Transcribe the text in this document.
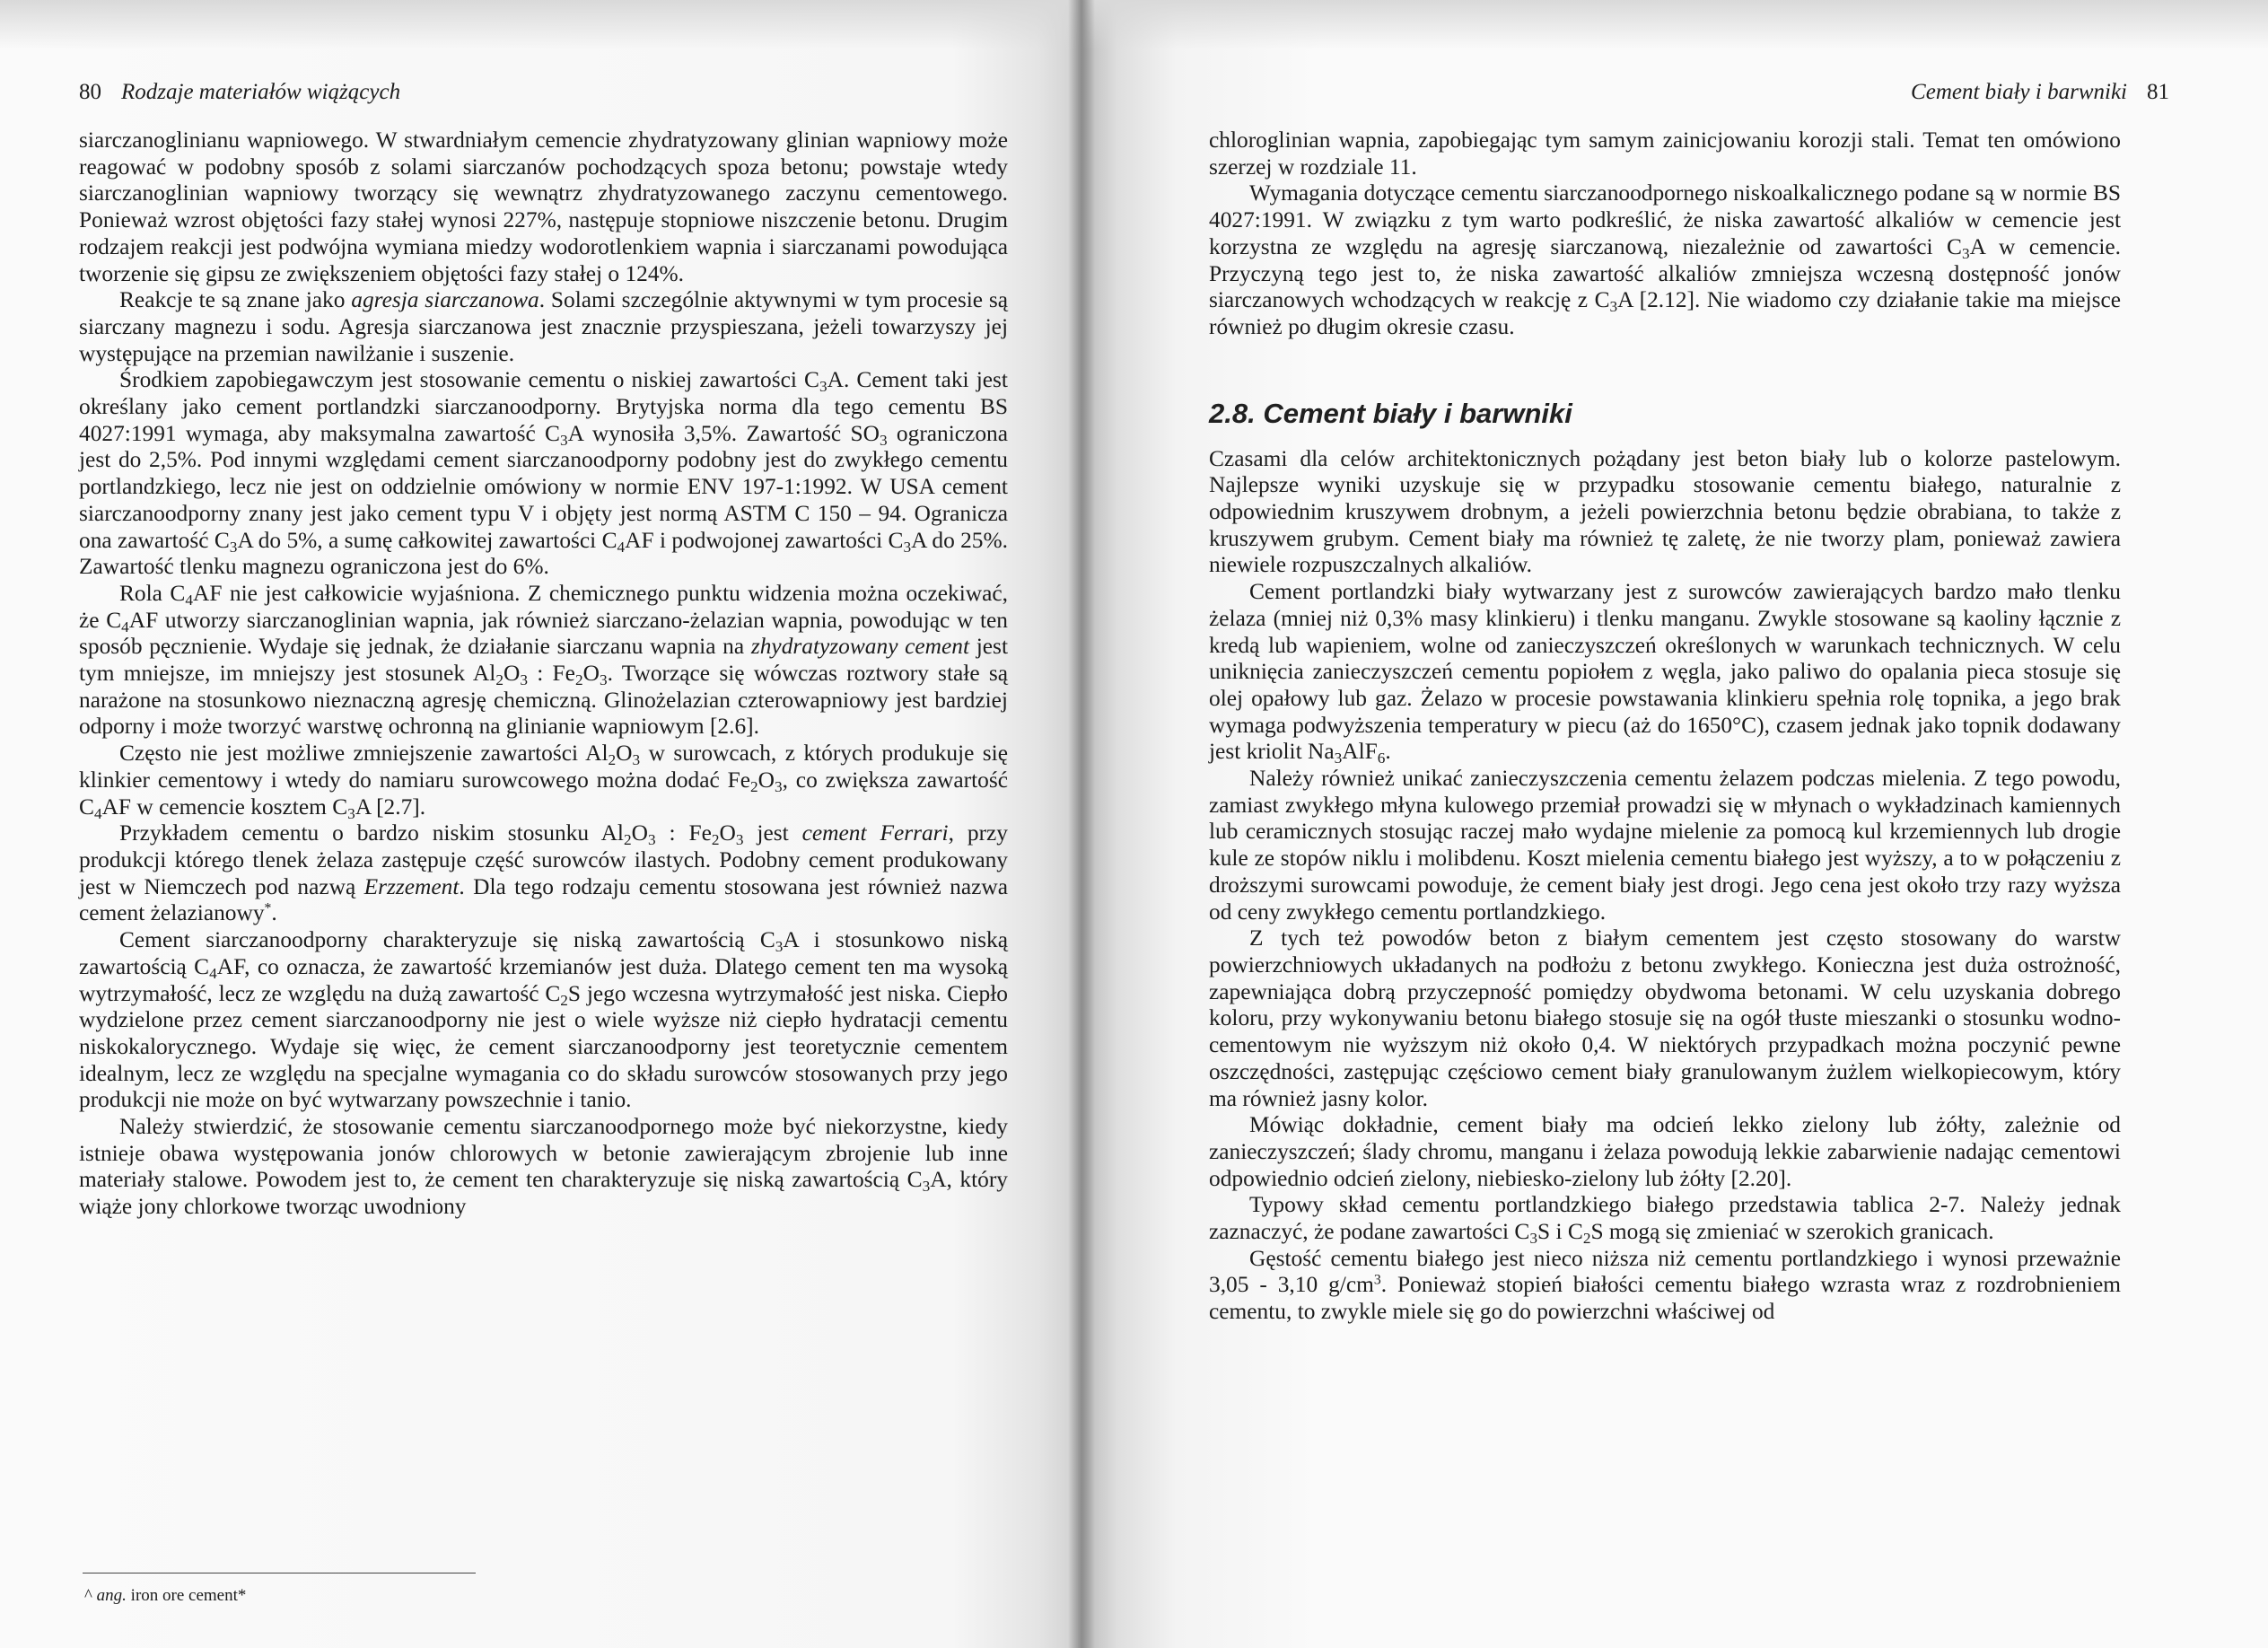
80 Rodzaje materiałów wiążących

siarczanoglinianu wapniowego. W stwardniałym cemencie zhydratyzowany glinian wapniowy może reagować w podobny sposób z solami siarczanów pochodzących spoza betonu; powstaje wtedy siarczanoglinian wapniowy tworzący się wewnątrz zhydratyzowanego zaczynu cementowego. Ponieważ wzrost objętości fazy stałej wynosi 227%, następuje stopniowe niszczenie betonu. Drugim rodzajem reakcji jest podwójna wymiana miedzy wodorotlenkiem wapnia i siarczanami powodująca tworzenie się gipsu ze zwiększeniem objętości fazy stałej o 124%.

Reakcje te są znane jako agresja siarczanowa. Solami szczególnie aktywnymi w tym procesie są siarczany magnezu i sodu. Agresja siarczanowa jest znacznie przyspieszana, jeżeli towarzyszy jej występujące na przemian nawilżanie i suszenie.

Środkiem zapobiegawczym jest stosowanie cementu o niskiej zawartości $C_3A$. Cement taki jest określany jako cement portlandzki siarczanoodporny. Brytyjska norma dla tego cementu BS 4027:1991 wymaga, aby maksymalna zawartość $C_3A$ wynosiła 3,5%. Zawartość $SO_3$ ograniczona jest do 2,5%. Pod innymi względami cement siarczanoodporny podobny jest do zwykłego cementu portlandzkiego, lecz nie jest on oddzielnie omówiony w normie ENV 197-1:1992. W USA cement siarczanoodporny znany jest jako cement typu V i objęty jest normą ASTM C 150 – 94. Ogranicza ona zawartość $C_3A$ do 5%, a sumę całkowitej zawartości $C_4AF$ i podwojonej zawartości $C_3A$ do 25%. Zawartość tlenku magnezu ograniczona jest do 6%.

Rola $C_4AF$ nie jest całkowicie wyjaśniona. Z chemicznego punktu widzenia można oczekiwać, że $C_4AF$ utworzy siarczanoglinian wapnia, jak również siarczano-żelazian wapnia, powodując w ten sposób pęcznienie. Wydaje się jednak, że działanie siarczanu wapnia na zhydratyzowany cement jest tym mniejsze, im mniejszy jest stosunek $Al_2O_3$ : $Fe_2O_3$. Tworzące się wówczas roztwory stałe są narażone na stosunkowo nieznaczną agresję chemiczną. Glinożelazian czterowapniowy jest bardziej odporny i może tworzyć warstwę ochronną na glinianie wapniowym [2.6].

Często nie jest możliwe zmniejszenie zawartości $Al_2O_3$ w surowcach, z których produkuje się klinkier cementowy i wtedy do namiaru surowcowego można dodać $Fe_2O_3$, co zwiększa zawartość $C_4AF$ w cemencie kosztem $C_3A$ [2.7].

Przykładem cementu o bardzo niskim stosunku $Al_2O_3$ : $Fe_2O_3$ jest cement Ferrari, przy produkcji którego tlenek żelaza zastępuje część surowców ilastych. Podobny cement produkowany jest w Niemczech pod nazwą Erzzement. Dla tego rodzaju cementu stosowana jest również nazwa cement żelazianowy*.

Cement siarczanoodporny charakteryzuje się niską zawartością $C_3A$ i stosunkowo niską zawartością $C_4AF$, co oznacza, że zawartość krzemianów jest duża. Dlatego cement ten ma wysoką wytrzymałość, lecz ze względu na dużą zawartość $C_2S$ jego wczesna wytrzymałość jest niska. Ciepło wydzielone przez cement siarczanoodporny nie jest o wiele wyższe niż ciepło hydratacji cementu niskokalorycznego. Wydaje się więc, że cement siarczanoodporny jest teoretycznie cementem idealnym, lecz ze względu na specjalne wymagania co do składu surowców stosowanych przy jego produkcji nie może on być wytwarzany powszechnie i tanio.

Należy stwierdzić, że stosowanie cementu siarczanoodpornego może być niekorzystne, kiedy istnieje obawa występowania jonów chlorowych w betonie zawierającym zbrojenie lub inne materiały stalowe. Powodem jest to, że cement ten charakteryzuje się niską zawartością $C_3A$, który wiąże jony chlorkowe tworząc uwodniony

^ ang. iron ore cement*
Cement biały i barwniki 81

chloroglinian wapnia, zapobiegając tym samym zainicjowaniu korozji stali. Temat ten omówiono szerzej w rozdziale 11.

Wymagania dotyczące cementu siarczanoodpornego niskoalkalicznego podane są w normie BS 4027:1991. W związku z tym warto podkreślić, że niska zawartość alkaliów w cemencie jest korzystna ze względu na agresję siarczanową, niezależnie od zawartości $C_3A$ w cemencie. Przyczyną tego jest to, że niska zawartość alkaliów zmniejsza wczesną dostępność jonów siarczanowych wchodzących w reakcję z $C_3A$ [2.12]. Nie wiadomo czy działanie takie ma miejsce również po długim okresie czasu.

2.8. Cement biały i barwniki

Czasami dla celów architektonicznych pożądany jest beton biały lub o kolorze pastelowym. Najlepsze wyniki uzyskuje się w przypadku stosowanie cementu białego, naturalnie z odpowiednim kruszywem drobnym, a jeżeli powierzchnia betonu będzie obrabiana, to także z kruszywem grubym. Cement biały ma również tę zaletę, że nie tworzy plam, ponieważ zawiera niewiele rozpuszczalnych alkaliów.

Cement portlandzki biały wytwarzany jest z surowców zawierających bardzo mało tlenku żelaza (mniej niż 0,3% masy klinkieru) i tlenku manganu. Zwykle stosowane są kaoliny łącznie z kredą lub wapieniem, wolne od zanieczyszczeń określonych w warunkach technicznych. W celu uniknięcia zanieczyszczeń cementu popiołem z węgla, jako paliwo do opalania pieca stosuje się olej opałowy lub gaz. Żelazo w procesie powstawania klinkieru spełnia rolę topnika, a jego brak wymaga podwyższenia temperatury w piecu (aż do 1650°C), czasem jednak jako topnik dodawany jest kriolit $Na_3AlF_6$.

Należy również unikać zanieczyszczenia cementu żelazem podczas mielenia. Z tego powodu, zamiast zwykłego młyna kulowego przemiał prowadzi się w młynach o wykładzinach kamiennych lub ceramicznych stosując raczej mało wydajne mielenie za pomocą kul krzemiennych lub drogie kule ze stopów niklu i molibdenu. Koszt mielenia cementu białego jest wyższy, a to w połączeniu z droższymi surowcami powoduje, że cement biały jest drogi. Jego cena jest około trzy razy wyższa od ceny zwykłego cementu portlandzkiego.

Z tych też powodów beton z białym cementem jest często stosowany do warstw powierzchniowych układanych na podłożu z betonu zwykłego. Konieczna jest duża ostrożność, zapewniająca dobrą przyczepność pomiędzy obydwoma betonami. W celu uzyskania dobrego koloru, przy wykonywaniu betonu białego stosuje się na ogół tłuste mieszanki o stosunku wodno-cementowym nie wyższym niż około 0,4. W niektórych przypadkach można poczynić pewne oszczędności, zastępując częściowo cement biały granulowanym żużlem wielkopiecowym, który ma również jasny kolor.

Mówiąc dokładnie, cement biały ma odcień lekko zielony lub żółty, zależnie od zanieczyszczeń; ślady chromu, manganu i żelaza powodują lekkie zabarwienie nadając cementowi odpowiednio odcień zielony, niebiesko-zielony lub żółty [2.20].

Typowy skład cementu portlandzkiego białego przedstawia tablica 2-7. Należy jednak zaznaczyć, że podane zawartości $C_3S$ i $C_2S$ mogą się zmieniać w szerokich granicach.

Gęstość cementu białego jest nieco niższa niż cementu portlandzkiego i wynosi przeważnie 3,05 - 3,10 $g/cm^3$. Ponieważ stopień białości cementu białego wzrasta wraz z rozdrobnieniem cementu, to zwykle miele się go do powierzchni właściwej od
